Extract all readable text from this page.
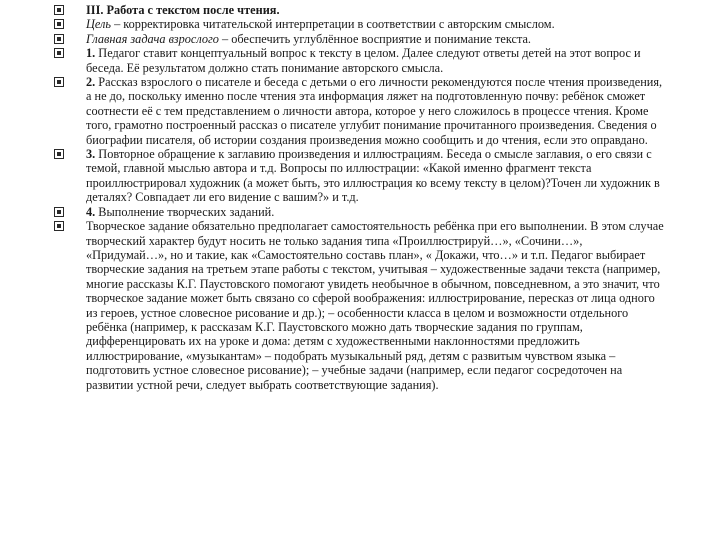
III. Работа с текстом после чтения.
Цель – корректировка читательской интерпретации в соответствии с авторским смыслом.
Главная задача взрослого – обеспечить углублённое восприятие и понимание текста.
1. Педагог ставит концептуальный вопрос к тексту в целом. Далее следуют ответы детей на этот вопрос и беседа. Её результатом должно стать понимание авторского смысла.
2. Рассказ взрослого о писателе и беседа с детьми о его личности рекомендуются после чтения произведения, а не до, поскольку именно после чтения эта информация ляжет на подготовленную почву: ребёнок сможет соотнести её с тем представлением о личности автора, которое у него сложилось в процессе чтения. Кроме того, грамотно построенный рассказ о писателе углубит понимание прочитанного произведения. Сведения о биографии писателя, об истории создания произведения можно сообщить и до чтения, если это оправдано.
3. Повторное обращение к заглавию произведения и иллюстрациям. Беседа о смысле заглавия, о его связи с темой, главной мыслью автора и т.д. Вопросы по иллюстрации: «Какой именно фрагмент текста проиллюстрировал художник (а может быть, это иллюстрация ко всему тексту в целом)?Точен ли художник в деталях? Совпадает ли его видение с вашим?» и т.д.
4. Выполнение творческих заданий.
Творческое задание обязательно предполагает самостоятельность ребёнка при его выполнении. В этом случае творческий характер будут носить не только задания типа «Проиллюстрируй…», «Сочини…», «Придумай…», но и такие, как «Самостоятельно составь план», « Докажи, что…» и т.п. Педагог выбирает творческие задания на третьем этапе работы с текстом, учитывая – художественные задачи текста (например, многие рассказы К.Г. Паустовского помогают увидеть необычное в обычном, повседневном, а это значит, что творческое задание может быть связано со сферой воображения: иллюстрирование, пересказ от лица одного из героев, устное словесное рисование и др.); – особенности класса в целом и возможности отдельного ребёнка (например, к рассказам К.Г. Паустовского можно дать творческие задания по группам, дифференцировать их на уроке и дома: детям с художественными наклонностями предложить иллюстрирование, «музыкантам» – подобрать музыкальный ряд, детям с развитым чувством языка – подготовить устное словесное рисование); – учебные задачи (например, если педагог сосредоточен на развитии устной речи, следует выбрать соответствующие задания).
